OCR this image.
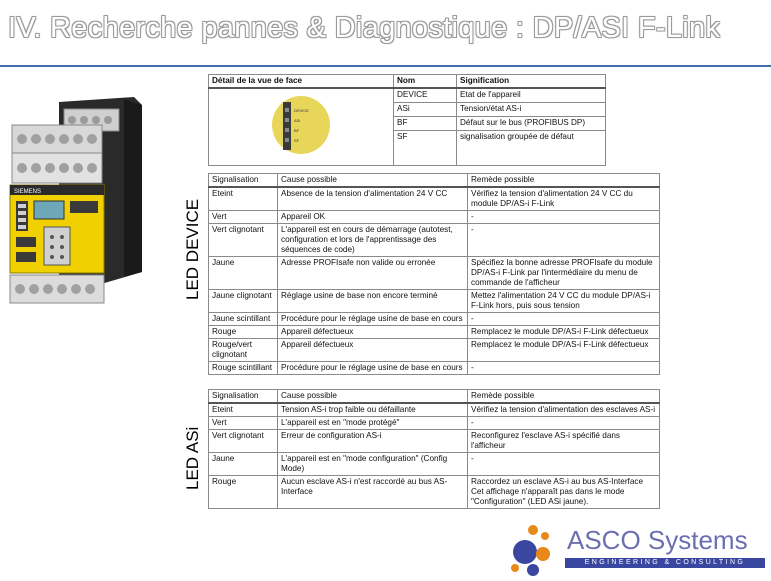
IV. Recherche pannes & Diagnostique : DP/ASI F-Link
SIEMENS
Détail de la vue de face	Nom	Signification
	DEVICE	Etat de l'appareil
	ASi	Tension/état AS-i
	BF	Défaut sur le bus (PROFIBUS DP)
	SF	signalisation groupée de défaut
DEVICE
ASi
BF
SF
LED DEVICE
LED ASi
Signalisation	Cause possible	Remède possible
Eteint	Absence de la tension d'alimentation 24 V CC	Vérifiez la tension d'alimentation 24 V CC du module DP/AS-i F-Link
Vert	Appareil OK	-
Vert clignotant	L'appareil est en cours de démarrage (autotest, configuration et lors de l'apprentissage des séquences de code)	-
Jaune	Adresse PROFIsafe non valide ou erronée	Spécifiez la bonne adresse PROFIsafe du module DP/AS-i F-Link par l'intermédiaire du menu de commande de l'afficheur
Jaune clignotant	Réglage usine de base non encore terminé	Mettez l'alimentation 24 V CC du module DP/AS-i F-Link hors, puis sous tension
Jaune scintillant	Procédure pour le réglage usine de base en cours	-
Rouge	Appareil défectueux	Remplacez le module DP/AS-i F-Link défectueux
Rouge/vert clignotant	Appareil défectueux	Remplacez le module DP/AS-i F-Link défectueux
Rouge scintillant	Procédure pour le réglage usine de base en cours	-
Signalisation	Cause possible	Remède possible
Eteint	Tension AS-i trop faible ou défaillante	Vérifiez la tension d'alimentation des esclaves AS-i
Vert	L'appareil est en "mode protégé"	-
Vert clignotant	Erreur de configuration AS-i	Reconfigurez l'esclave AS-i spécifié dans l'afficheur
Jaune	L'appareil est en "mode configuration" (Config Mode)	-
Rouge	Aucun esclave AS-i n'est raccordé au bus AS-Interface	Raccordez un esclave AS-i au bus AS-Interface Cet affichage n'apparaît pas dans le mode "Configuration" (LED ASi jaune).
ASCO Systems
ENGINEERING & CONSULTING
